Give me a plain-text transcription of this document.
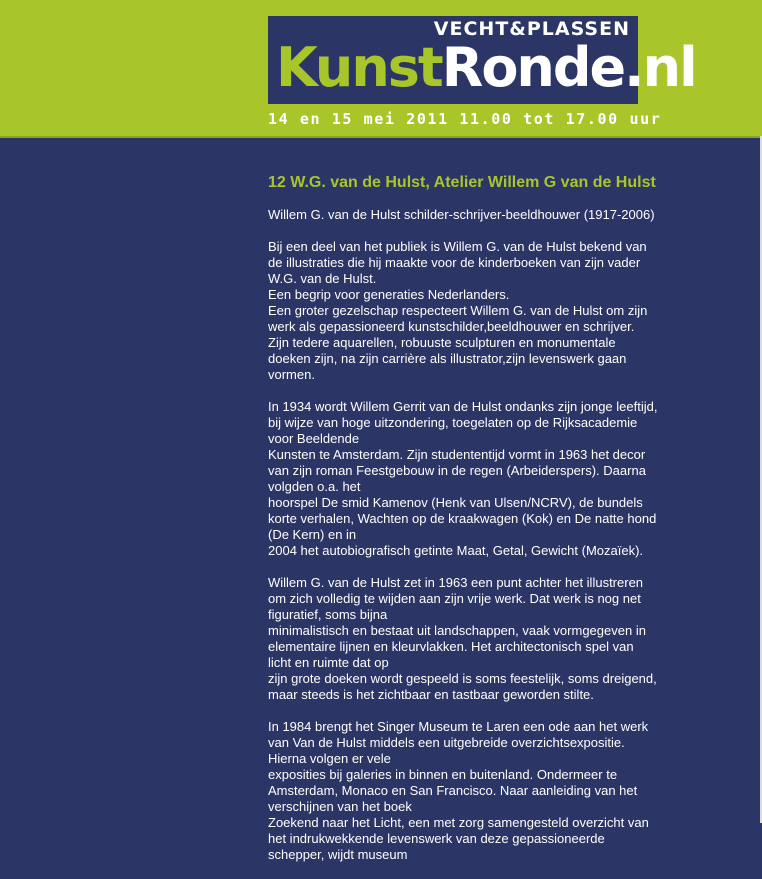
VECHT&PLASSEN
KunstRonde.nl
14 en 15 mei 2011 11.00 tot 17.00 uur
12 W.G. van de Hulst, Atelier Willem G van de Hulst
Willem G. van de Hulst schilder-schrijver-beeldhouwer (1917-2006)
Bij een deel van het publiek is Willem G. van de Hulst bekend van de illustraties die hij maakte voor de kinderboeken van zijn vader W.G. van de Hulst.
Een begrip voor generaties Nederlanders.
Een groter gezelschap respecteert Willem G. van de Hulst om zijn werk als gepassioneerd kunstschilder,beeldhouwer en schrijver.
Zijn tedere aquarellen, robuuste sculpturen en monumentale doeken zijn, na zijn carrière als illustrator,zijn levenswerk gaan vormen.
In 1934 wordt Willem Gerrit van de Hulst ondanks zijn jonge leeftijd, bij wijze van hoge uitzondering, toegelaten op de Rijksacademie voor Beeldende
Kunsten te Amsterdam. Zijn studententijd vormt in 1963 het decor van zijn roman Feestgebouw in de regen (Arbeiderspers). Daarna volgden o.a. het
hoorspel De smid Kamenov (Henk van Ulsen/NCRV), de bundels korte verhalen, Wachten op de kraakwagen (Kok) en De natte hond (De Kern) en in
2004 het autobiografisch getinte Maat, Getal, Gewicht (Mozaïek).
Willem G. van de Hulst zet in 1963 een punt achter het illustreren om zich volledig te wijden aan zijn vrije werk. Dat werk is nog net figuratief, soms bijna
minimalistisch en bestaat uit landschappen, vaak vormgegeven in elementaire lijnen en kleurvlakken. Het architectonisch spel van licht en ruimte dat op
zijn grote doeken wordt gespeeld is soms feestelijk, soms dreigend, maar steeds is het zichtbaar en tastbaar geworden stilte.
In 1984 brengt het Singer Museum te Laren een ode aan het werk van Van de Hulst middels een uitgebreide overzichtsexpositie. Hierna volgen er vele
exposities bij galeries in binnen en buitenland. Ondermeer te Amsterdam, Monaco en San Francisco. Naar aanleiding van het verschijnen van het boek
Zoekend naar het Licht, een met zorg samengesteld overzicht van het indrukwekkende levenswerk van deze gepassioneerde schepper, wijdt museum
